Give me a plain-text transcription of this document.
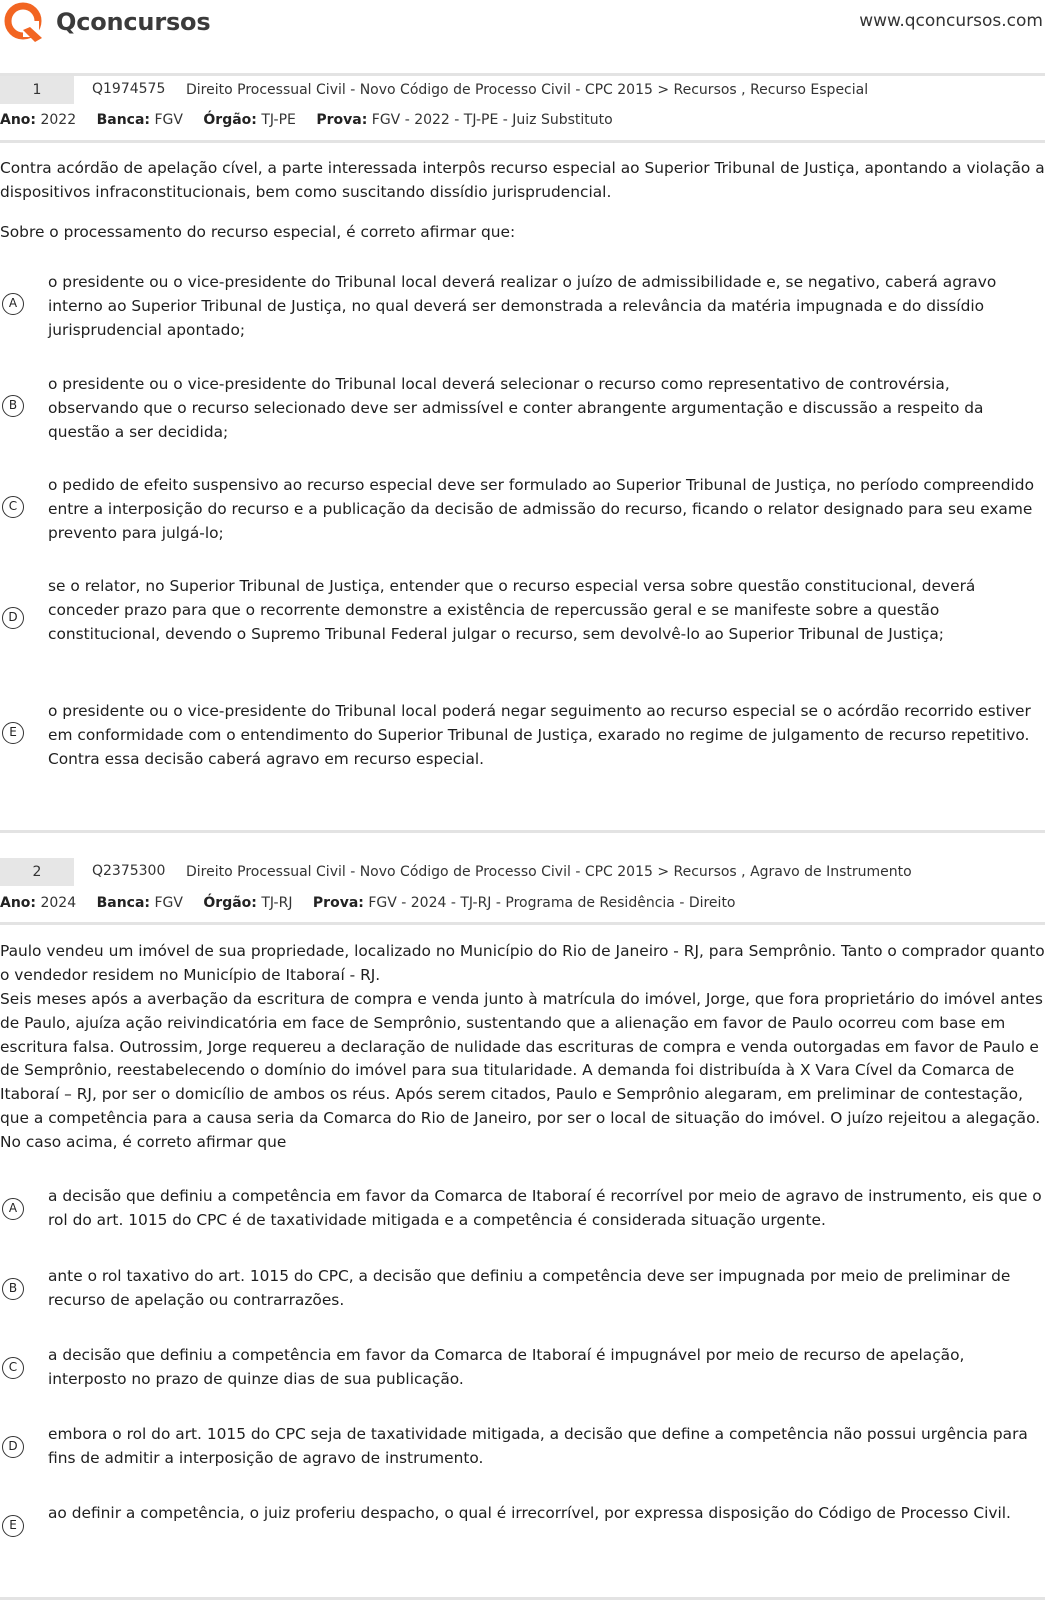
Qconcursos	www.qconcursos.com
1	Q1974575 Direito Processual Civil - Novo Código de Processo Civil - CPC 2015 > Recursos , Recurso Especial
Ano: 2022 Banca: FGV Órgão: TJ-PE Prova: FGV - 2022 - TJ-PE - Juiz Substituto
Contra acórdão de apelação cível, a parte interessada interpôs recurso especial ao Superior Tribunal de Justiça, apontando a violação a dispositivos infraconstitucionais, bem como suscitando dissídio jurisprudencial.
Sobre o processamento do recurso especial, é correto afirmar que:
A
o presidente ou o vice-presidente do Tribunal local deverá realizar o juízo de admissibilidade e, se negativo, caberá agravo interno ao Superior Tribunal de Justiça, no qual deverá ser demonstrada a relevância da matéria impugnada e do dissídio jurisprudencial apontado;
B
o presidente ou o vice-presidente do Tribunal local deverá selecionar o recurso como representativo de controvérsia, observando que o recurso selecionado deve ser admissível e conter abrangente argumentação e discussão a respeito da questão a ser decidida;
C
o pedido de efeito suspensivo ao recurso especial deve ser formulado ao Superior Tribunal de Justiça, no período compreendido entre a interposição do recurso e a publicação da decisão de admissão do recurso, ficando o relator designado para seu exame prevento para julgá-lo;
D
se o relator, no Superior Tribunal de Justiça, entender que o recurso especial versa sobre questão constitucional, deverá conceder prazo para que o recorrente demonstre a existência de repercussão geral e se manifeste sobre a questão constitucional, devendo o Supremo Tribunal Federal julgar o recurso, sem devolvê-lo ao Superior Tribunal de Justiça;
E
o presidente ou o vice-presidente do Tribunal local poderá negar seguimento ao recurso especial se o acórdão recorrido estiver em conformidade com o entendimento do Superior Tribunal de Justiça, exarado no regime de julgamento de recurso repetitivo. Contra essa decisão caberá agravo em recurso especial.
2	Q2375300 Direito Processual Civil - Novo Código de Processo Civil - CPC 2015 > Recursos , Agravo de Instrumento
Ano: 2024 Banca: FGV Órgão: TJ-RJ Prova: FGV - 2024 - TJ-RJ - Programa de Residência - Direito
Paulo vendeu um imóvel de sua propriedade, localizado no Município do Rio de Janeiro - RJ, para Semprônio. Tanto o comprador quanto o vendedor residem no Município de Itaboraí - RJ.
Seis meses após a averbação da escritura de compra e venda junto à matrícula do imóvel, Jorge, que fora proprietário do imóvel antes de Paulo, ajuíza ação reivindicatória em face de Semprônio, sustentando que a alienação em favor de Paulo ocorreu com base em escritura falsa. Outrossim, Jorge requereu a declaração de nulidade das escrituras de compra e venda outorgadas em favor de Paulo e de Semprônio, reestabelecendo o domínio do imóvel para sua titularidade. A demanda foi distribuída à X Vara Cível da Comarca de Itaboraí – RJ, por ser o domicílio de ambos os réus. Após serem citados, Paulo e Semprônio alegaram, em preliminar de contestação, que a competência para a causa seria da Comarca do Rio de Janeiro, por ser o local de situação do imóvel. O juízo rejeitou a alegação. No caso acima, é correto afirmar que
A
a decisão que definiu a competência em favor da Comarca de Itaboraí é recorrível por meio de agravo de instrumento, eis que o rol do art. 1015 do CPC é de taxatividade mitigada e a competência é considerada situação urgente.
B
ante o rol taxativo do art. 1015 do CPC, a decisão que definiu a competência deve ser impugnada por meio de preliminar de recurso de apelação ou contrarrazões.
C
a decisão que definiu a competência em favor da Comarca de Itaboraí é impugnável por meio de recurso de apelação, interposto no prazo de quinze dias de sua publicação.
D
embora o rol do art. 1015 do CPC seja de taxatividade mitigada, a decisão que define a competência não possui urgência para fins de admitir a interposição de agravo de instrumento.
E
ao definir a competência, o juiz proferiu despacho, o qual é irrecorrível, por expressa disposição do Código de Processo Civil.
